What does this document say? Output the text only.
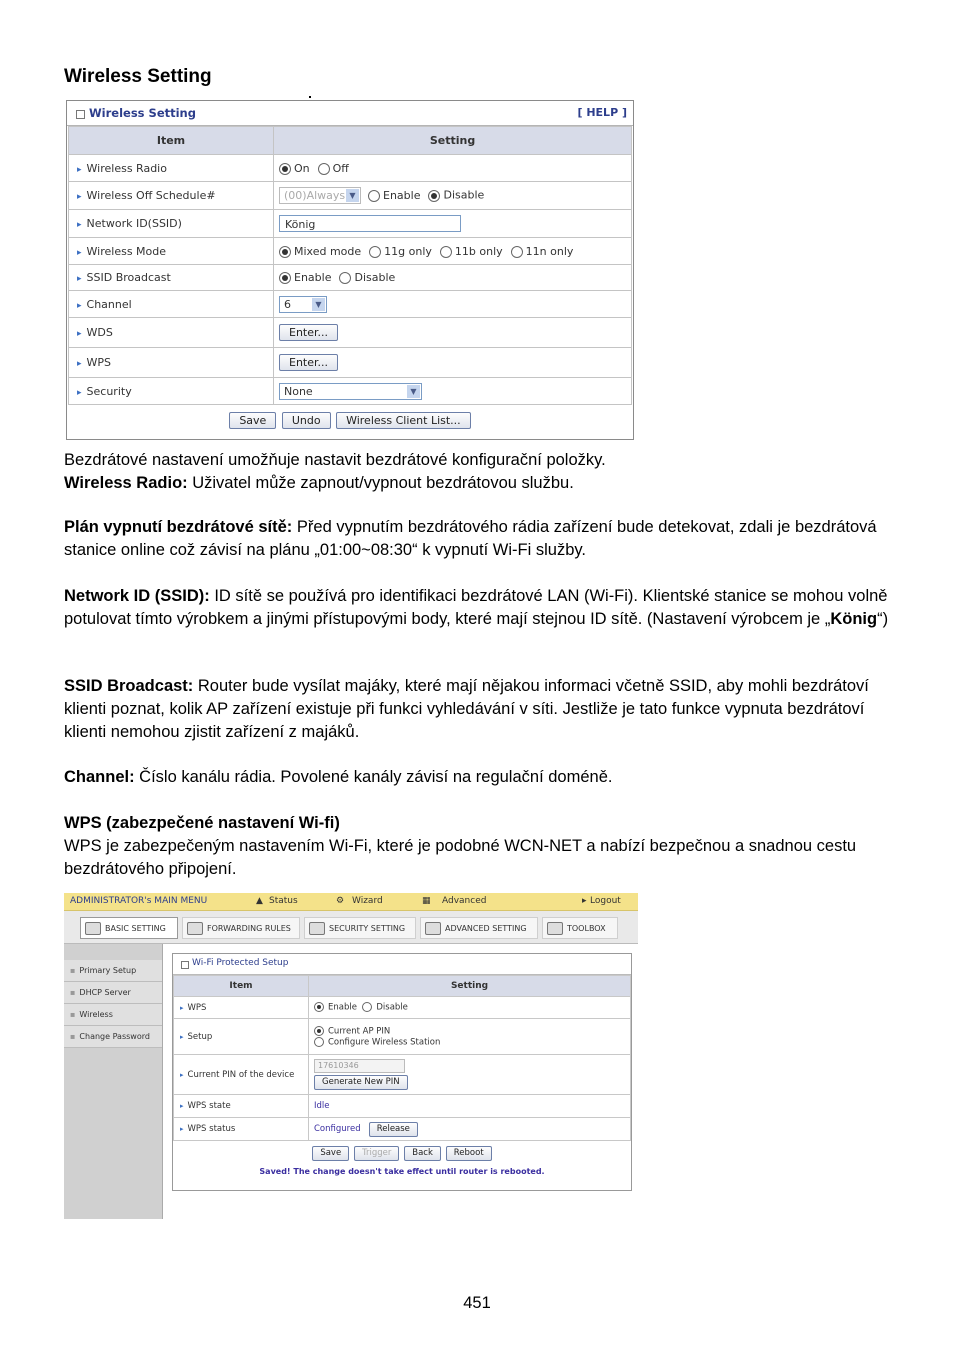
Wireless Setting
Wireless Setting	[ HELP ]
Item	Setting
▸ Wireless Radio	On Off
▸ Wireless Off Schedule#	(00)Always ▼ Enable Disable
▸ Network ID(SSID)	König
▸ Wireless Mode	Mixed mode 11g only 11b only 11n only
▸ SSID Broadcast	Enable Disable
▸ Channel	6 ▼

▸ WDS	Enter...
▸ WPS	Enter...
▸ Security	None ▼
Save Undo Wireless Client List...
Bezdrátové nastavení umožňuje nastavit bezdrátové konfigurační položky.
Wireless Radio: Uživatel může zapnout/vypnout bezdrátovou službu.
Plán vypnutí bezdrátové sítě: Před vypnutím bezdrátového rádia zařízení bude detekovat, zdali je bezdrátová stanice online což závisí na plánu „01:00~08:30“ k vypnutí Wi-Fi služby.
Network ID (SSID): ID sítě se používá pro identifikaci bezdrátové LAN (Wi-Fi). Klientské stanice se mohou volně potulovat tímto výrobkem a jinými přístupovými body, které mají stejnou ID sítě. (Nastavení výrobcem je „König“)
SSID Broadcast: Router bude vysílat majáky, které mají nějakou informaci včetně SSID, aby mohli bezdrátoví klienti poznat, kolik AP zařízení existuje při funkci vyhledávání v síti. Jestliže je tato funkce vypnuta bezdrátoví klienti nemohou zjistit zařízení z majáků.
Channel: Číslo kanálu rádia. Povolené kanály závisí na regulační doméně.
WPS (zabezpečené nastavení Wi-fi)
WPS je zabezpečeným nastavením Wi-Fi, které je podobné WCN-NET a nabízí bezpečnou a snadnou cestu bezdrátového připojení.
ADMINISTRATOR's MAIN MENU	▲ Status	⚙ Wizard	▦ Advanced	▸ Logout
BASIC SETTING	FORWARDING RULES	SECURITY SETTING	ADVANCED SETTING	TOOLBOX
▪ Primary Setup
▪ DHCP Server
▪ Wireless
▪ Change Password
Wi-Fi Protected Setup
Item	Setting
▸ WPS	Enable Disable
▸ Setup	Current AP PIN
Configure Wireless Station
▸ Current PIN of the device	17610346
Generate New PIN
▸ WPS state	Idle
▸ WPS status	Configured Release
Save Trigger Back Reboot
Saved! The change doesn't take effect until router is rebooted.
451
